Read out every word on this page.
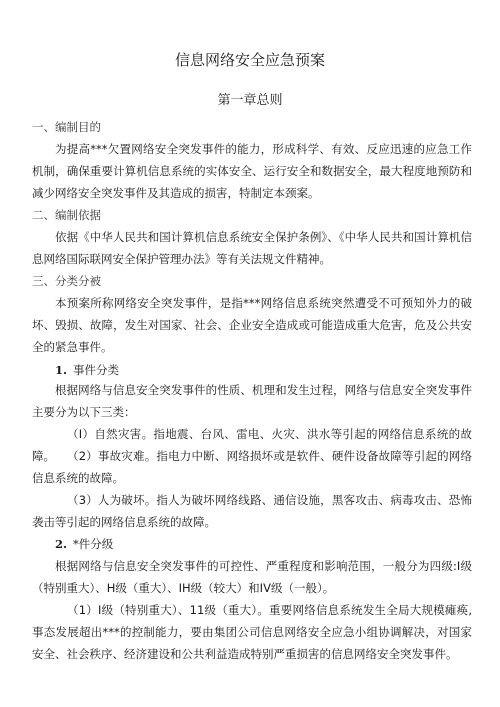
信息网络安全应急预案
第一章总则
一、编制目的
为提高***欠置网络安全突发事件的能力，形成科学、有效、反应迅速的应急工作机制，确保重要计算机信息系统的实体安全、运行安全和数据安全，最大程度地预防和减少网络安全突发事件及其造成的损害，特制定本颈案。
二、编制依据
依据《中华人民共和国计算机信息系统安全保护条例》、《中华人民共和国计算机信息网络国际联网安全保护管理办法》等有关法规文件精神。
三、分类分被
本预案所称网络安全突发事件，是指***网络信息系统突然遭受不可预知外力的破坏、毁损、故障，发生对国家、社会、企业安全造成或可能造成重大危害，危及公共安全的紧急事件。
1. 事件分类
根据网络与信息安全突发事件的性质、机理和发生过程，网络与信息安全突发事件主要分为以下三类：
（I）自然灾害。指地震、台风、雷电、火灾、洪水等引起的网络信息系统的故障。	（2）事故灾难。指电力中断、网络损坏或是软件、硬件设备故障等引起的网络信息系统的故障。
（3）人为破坏。指人为破坏网络线路、通信设施，黑客攻击、病毒攻击、恐怖袭击等引起的网络信息系统的故障。
2. *件分级
根据网络与信息安全突发事件的可控性、严重程度和影响范围，一般分为四级:I级（特别重大）、H级（重大）、IH级（较大）和IV级（一般）。
（1）I级（特别重大）、11级（重大）。重要网络信息系统发生全局大规模瘫痪,事态发展超出***的控制能力，要由集团公司信息网络安全应急小组协调解决，对国家安全、社会秩序、经济建设和公共利益造成特别严重损害的信息网络安全突发事件。
